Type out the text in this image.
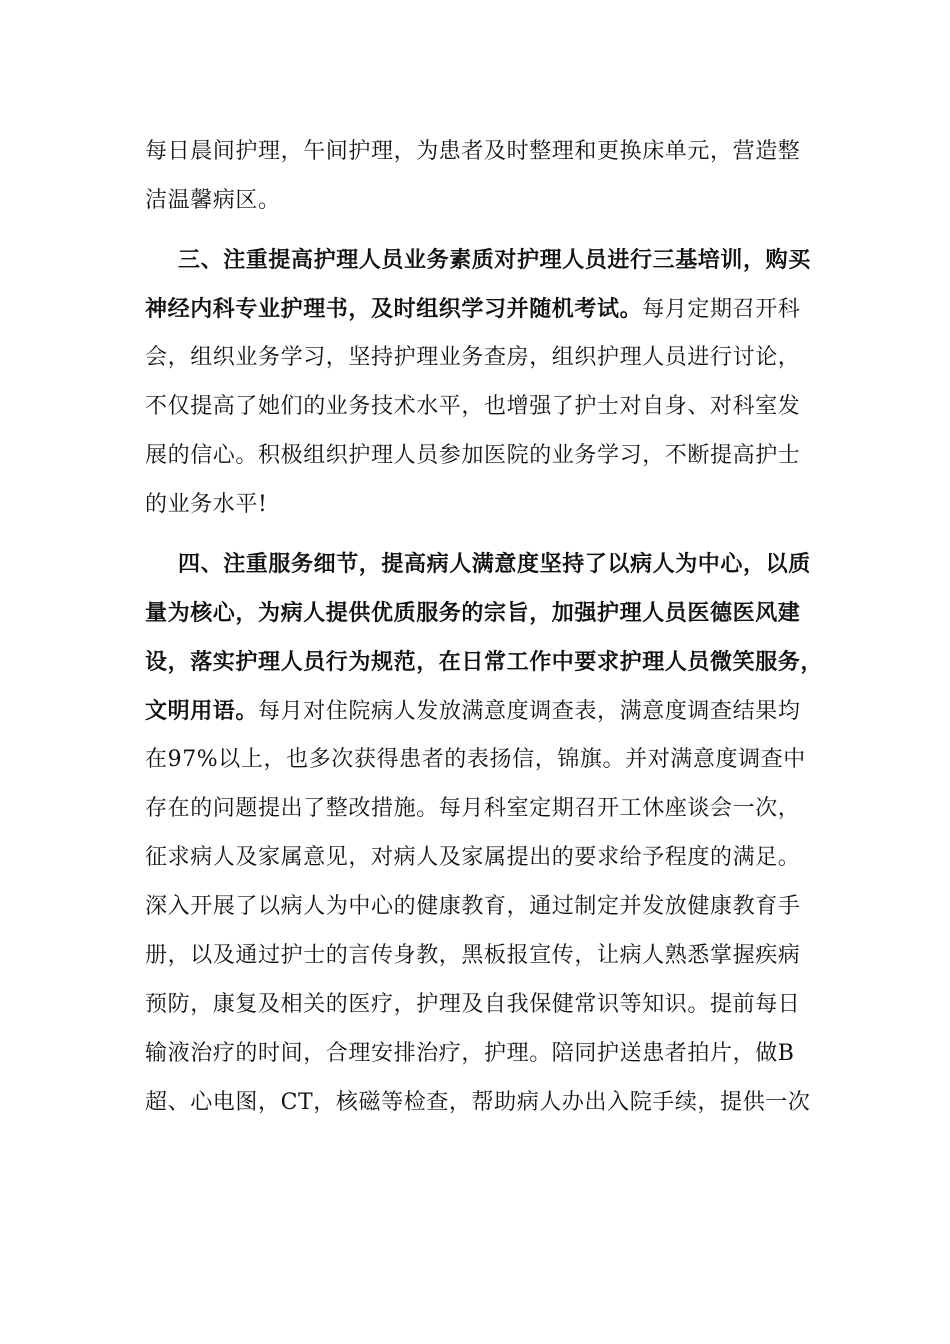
每日晨间护理，午间护理，为患者及时整理和更换床单元，营造整
洁温馨病区。
三、注重提高护理人员业务素质对护理人员进行三基培训，购买
神经内科专业护理书，及时组织学习并随机考试。每月定期召开科
会，组织业务学习，坚持护理业务查房，组织护理人员进行讨论，
不仅提高了她们的业务技术水平，也增强了护士对自身、对科室发
展的信心。积极组织护理人员参加医院的业务学习，不断提高护士
的业务水平!
四、注重服务细节，提高病人满意度坚持了以病人为中心，以质
量为核心，为病人提供优质服务的宗旨，加强护理人员医德医风建
设，落实护理人员行为规范，在日常工作中要求护理人员微笑服务，
文明用语。每月对住院病人发放满意度调查表，满意度调查结果均
在97%以上，也多次获得患者的表扬信，锦旗。并对满意度调查中
存在的问题提出了整改措施。每月科室定期召开工休座谈会一次，
征求病人及家属意见，对病人及家属提出的要求给予程度的满足。
深入开展了以病人为中心的健康教育，通过制定并发放健康教育手
册，以及通过护士的言传身教，黑板报宣传，让病人熟悉掌握疾病
预防，康复及相关的医疗，护理及自我保健常识等知识。提前每日
输液治疗的时间，合理安排治疗，护理。陪同护送患者拍片，做B
超、心电图，CT，核磁等检查，帮助病人办出入院手续，提供一次
